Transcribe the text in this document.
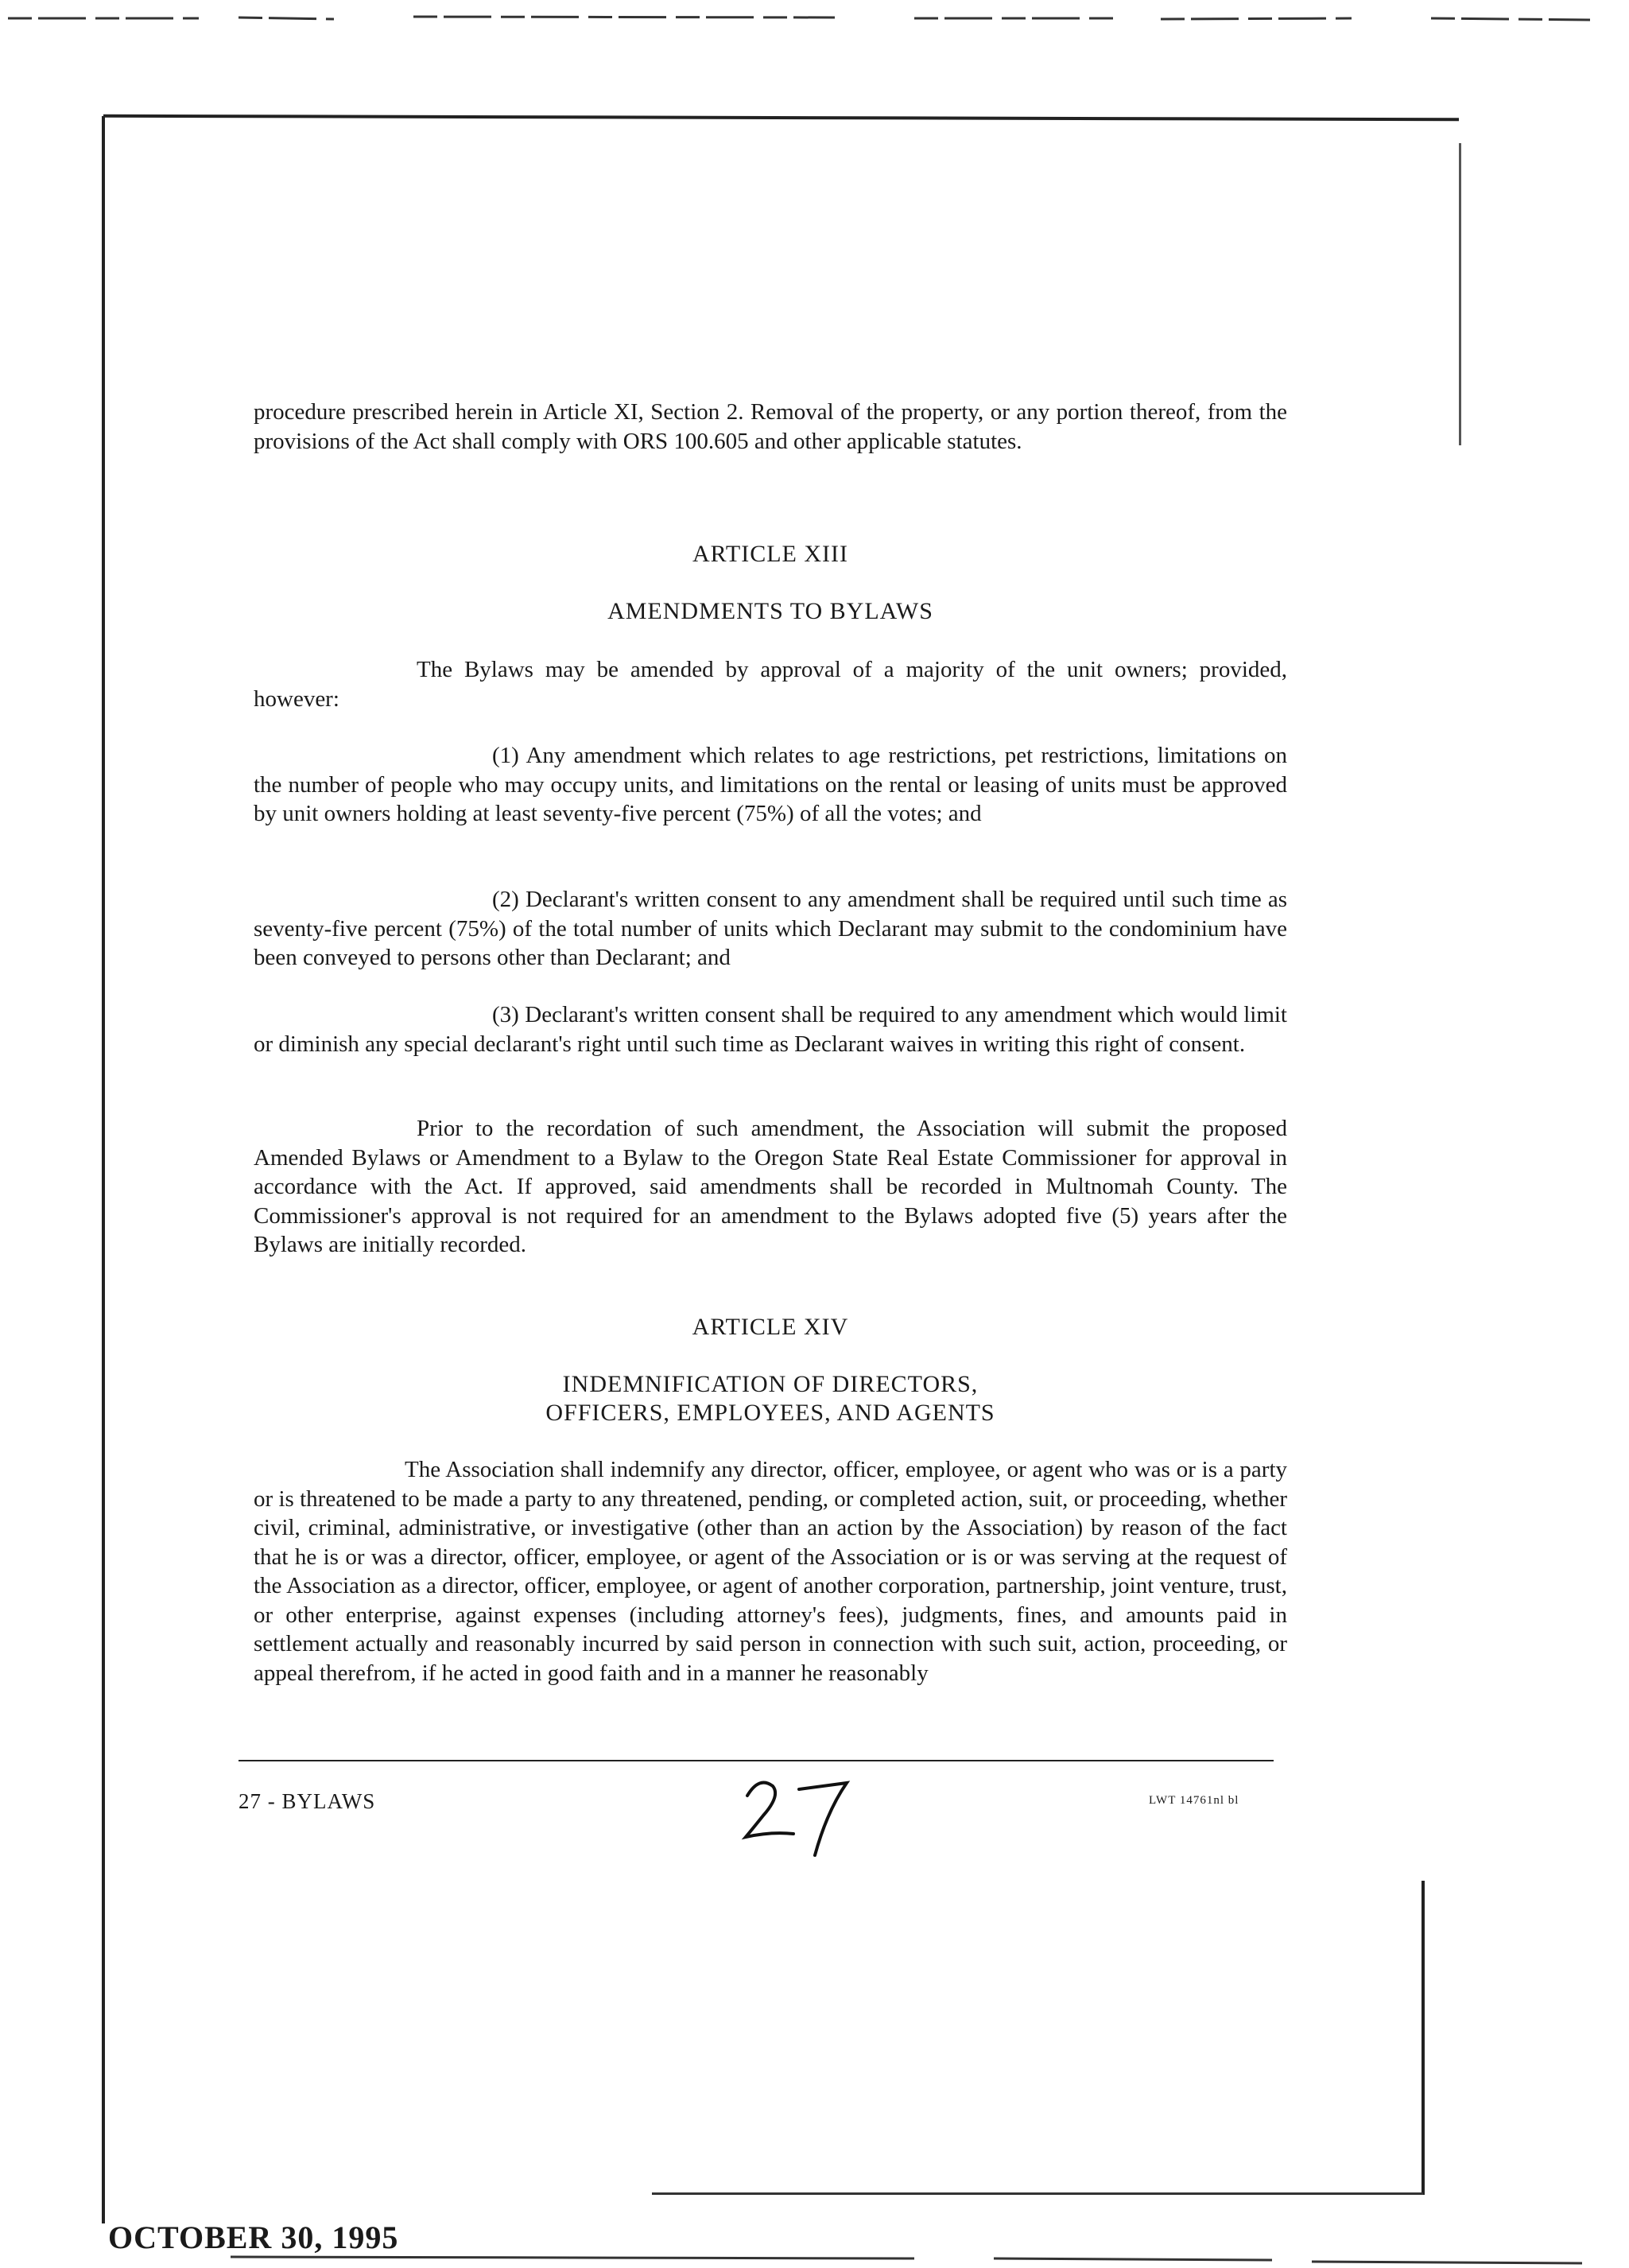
procedure prescribed herein in Article XI, Section 2. Removal of the property, or any portion thereof, from the provisions of the Act shall comply with ORS 100.605 and other applicable statutes.

ARTICLE XIII

AMENDMENTS TO BYLAWS

The Bylaws may be amended by approval of a majority of the unit owners; provided, however:

(1) Any amendment which relates to age restrictions, pet restrictions, limitations on the number of people who may occupy units, and limitations on the rental or leasing of units must be approved by unit owners holding at least seventy-five percent (75%) of all the votes; and

(2) Declarant's written consent to any amendment shall be required until such time as seventy-five percent (75%) of the total number of units which Declarant may submit to the condominium have been conveyed to persons other than Declarant; and

(3) Declarant's written consent shall be required to any amendment which would limit or diminish any special declarant's right until such time as Declarant waives in writing this right of consent.

Prior to the recordation of such amendment, the Association will submit the proposed Amended Bylaws or Amendment to a Bylaw to the Oregon State Real Estate Commissioner for approval in accordance with the Act. If approved, said amendments shall be recorded in Multnomah County. The Commissioner's approval is not required for an amendment to the Bylaws adopted five (5) years after the Bylaws are initially recorded.

ARTICLE XIV

INDEMNIFICATION OF DIRECTORS,

OFFICERS, EMPLOYEES, AND AGENTS

The Association shall indemnify any director, officer, employee, or agent who was or is a party or is threatened to be made a party to any threatened, pending, or completed action, suit, or proceeding, whether civil, criminal, administrative, or investigative (other than an action by the Association) by reason of the fact that he is or was a director, officer, employee, or agent of the Association or is or was serving at the request of the Association as a director, officer, employee, or agent of another corporation, partnership, joint venture, trust, or other enterprise, against expenses (including attorney's fees), judgments, fines, and amounts paid in settlement actually and reasonably incurred by said person in connection with such suit, action, proceeding, or appeal therefrom, if he acted in good faith and in a manner he reasonably

27 - BYLAWS	LWT 14761nl bl
OCTOBER 30, 1995
